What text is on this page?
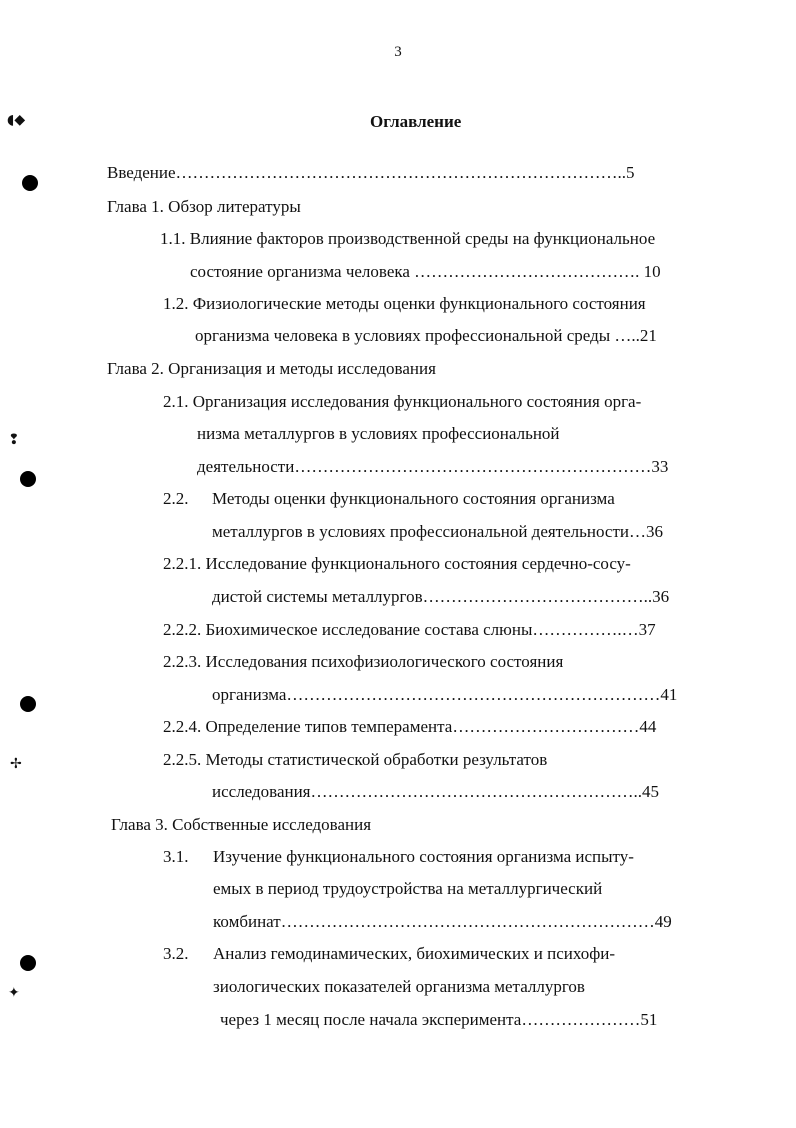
3
Оглавление
◖◆
❢
✢
✦
Введение……………………………………………………………………..5
Глава 1. Обзор литературы
1.1. Влияние факторов производственной среды на функциональное
состояние организма человека …………………………………. 10
1.2. Физиологические методы оценки функционального состояния
организма человека в условиях профессиональной среды …..21
Глава 2. Организация и методы исследования
2.1. Организация исследования функционального состояния орга-
низма металлургов в условиях профессиональной
деятельности………………………………………………………33
2.2. Методы оценки функционального состояния организма
металлургов в условиях профессиональной деятельности…36
2.2.1. Исследование функционального состояния сердечно-сосу-
дистой системы металлургов…………………………………..36
2.2.2. Биохимическое исследование состава слюны…………….…37
2.2.3. Исследования психофизиологического состояния
организма…………………………………………………………41
2.2.4. Определение типов темперамента……………………………44
2.2.5. Методы статистической обработки результатов
исследования…………………………………………………..45
Глава 3. Собственные исследования
3.1. Изучение функционального состояния организма испыту-
емых в период трудоустройства на металлургический
комбинат…………………………………………………………49
3.2. Анализ гемодинамических, биохимических и психофи-
зиологических показателей организма металлургов
через 1 месяц после начала эксперимента…………………51
